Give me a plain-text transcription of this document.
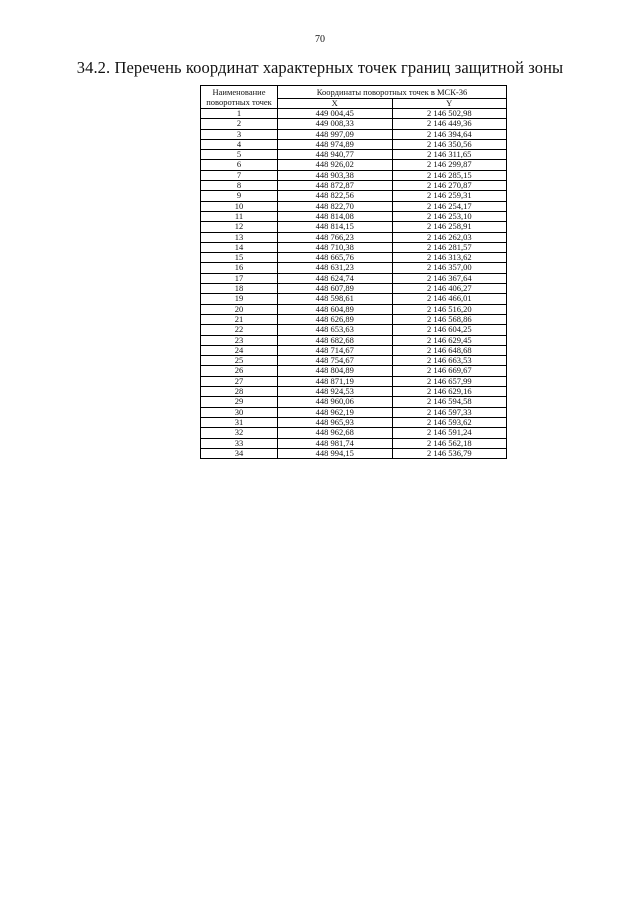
70
34.2. Перечень координат характерных точек границ защитной зоны
Наименование поворотных точек	Координаты поворотных точек в МСК-36	
	X	Y
1	449 004,45	2 146 502,98
2	449 008,33	2 146 449,36
3	448 997,09	2 146 394,64
4	448 974,89	2 146 350,56
5	448 940,77	2 146 311,65
6	448 926,02	2 146 299,87
7	448 903,38	2 146 285,15
8	448 872,87	2 146 270,87
9	448 822,56	2 146 259,31
10	448 822,70	2 146 254,17
11	448 814,08	2 146 253,10
12	448 814,15	2 146 258,91
13	448 766,23	2 146 262,03
14	448 710,38	2 146 281,57
15	448 665,76	2 146 313,62
16	448 631,23	2 146 357,00
17	448 624,74	2 146 367,64
18	448 607,89	2 146 406,27
19	448 598,61	2 146 466,01
20	448 604,89	2 146 516,20
21	448 626,89	2 146 568,86
22	448 653,63	2 146 604,25
23	448 682,68	2 146 629,45
24	448 714,67	2 146 648,68
25	448 754,67	2 146 663,53
26	448 804,89	2 146 669,67
27	448 871,19	2 146 657,99
28	448 924,53	2 146 629,16
29	448 960,06	2 146 594,58
30	448 962,19	2 146 597,33
31	448 965,93	2 146 593,62
32	448 962,68	2 146 591,24
33	448 981,74	2 146 562,18
34	448 994,15	2 146 536,79
